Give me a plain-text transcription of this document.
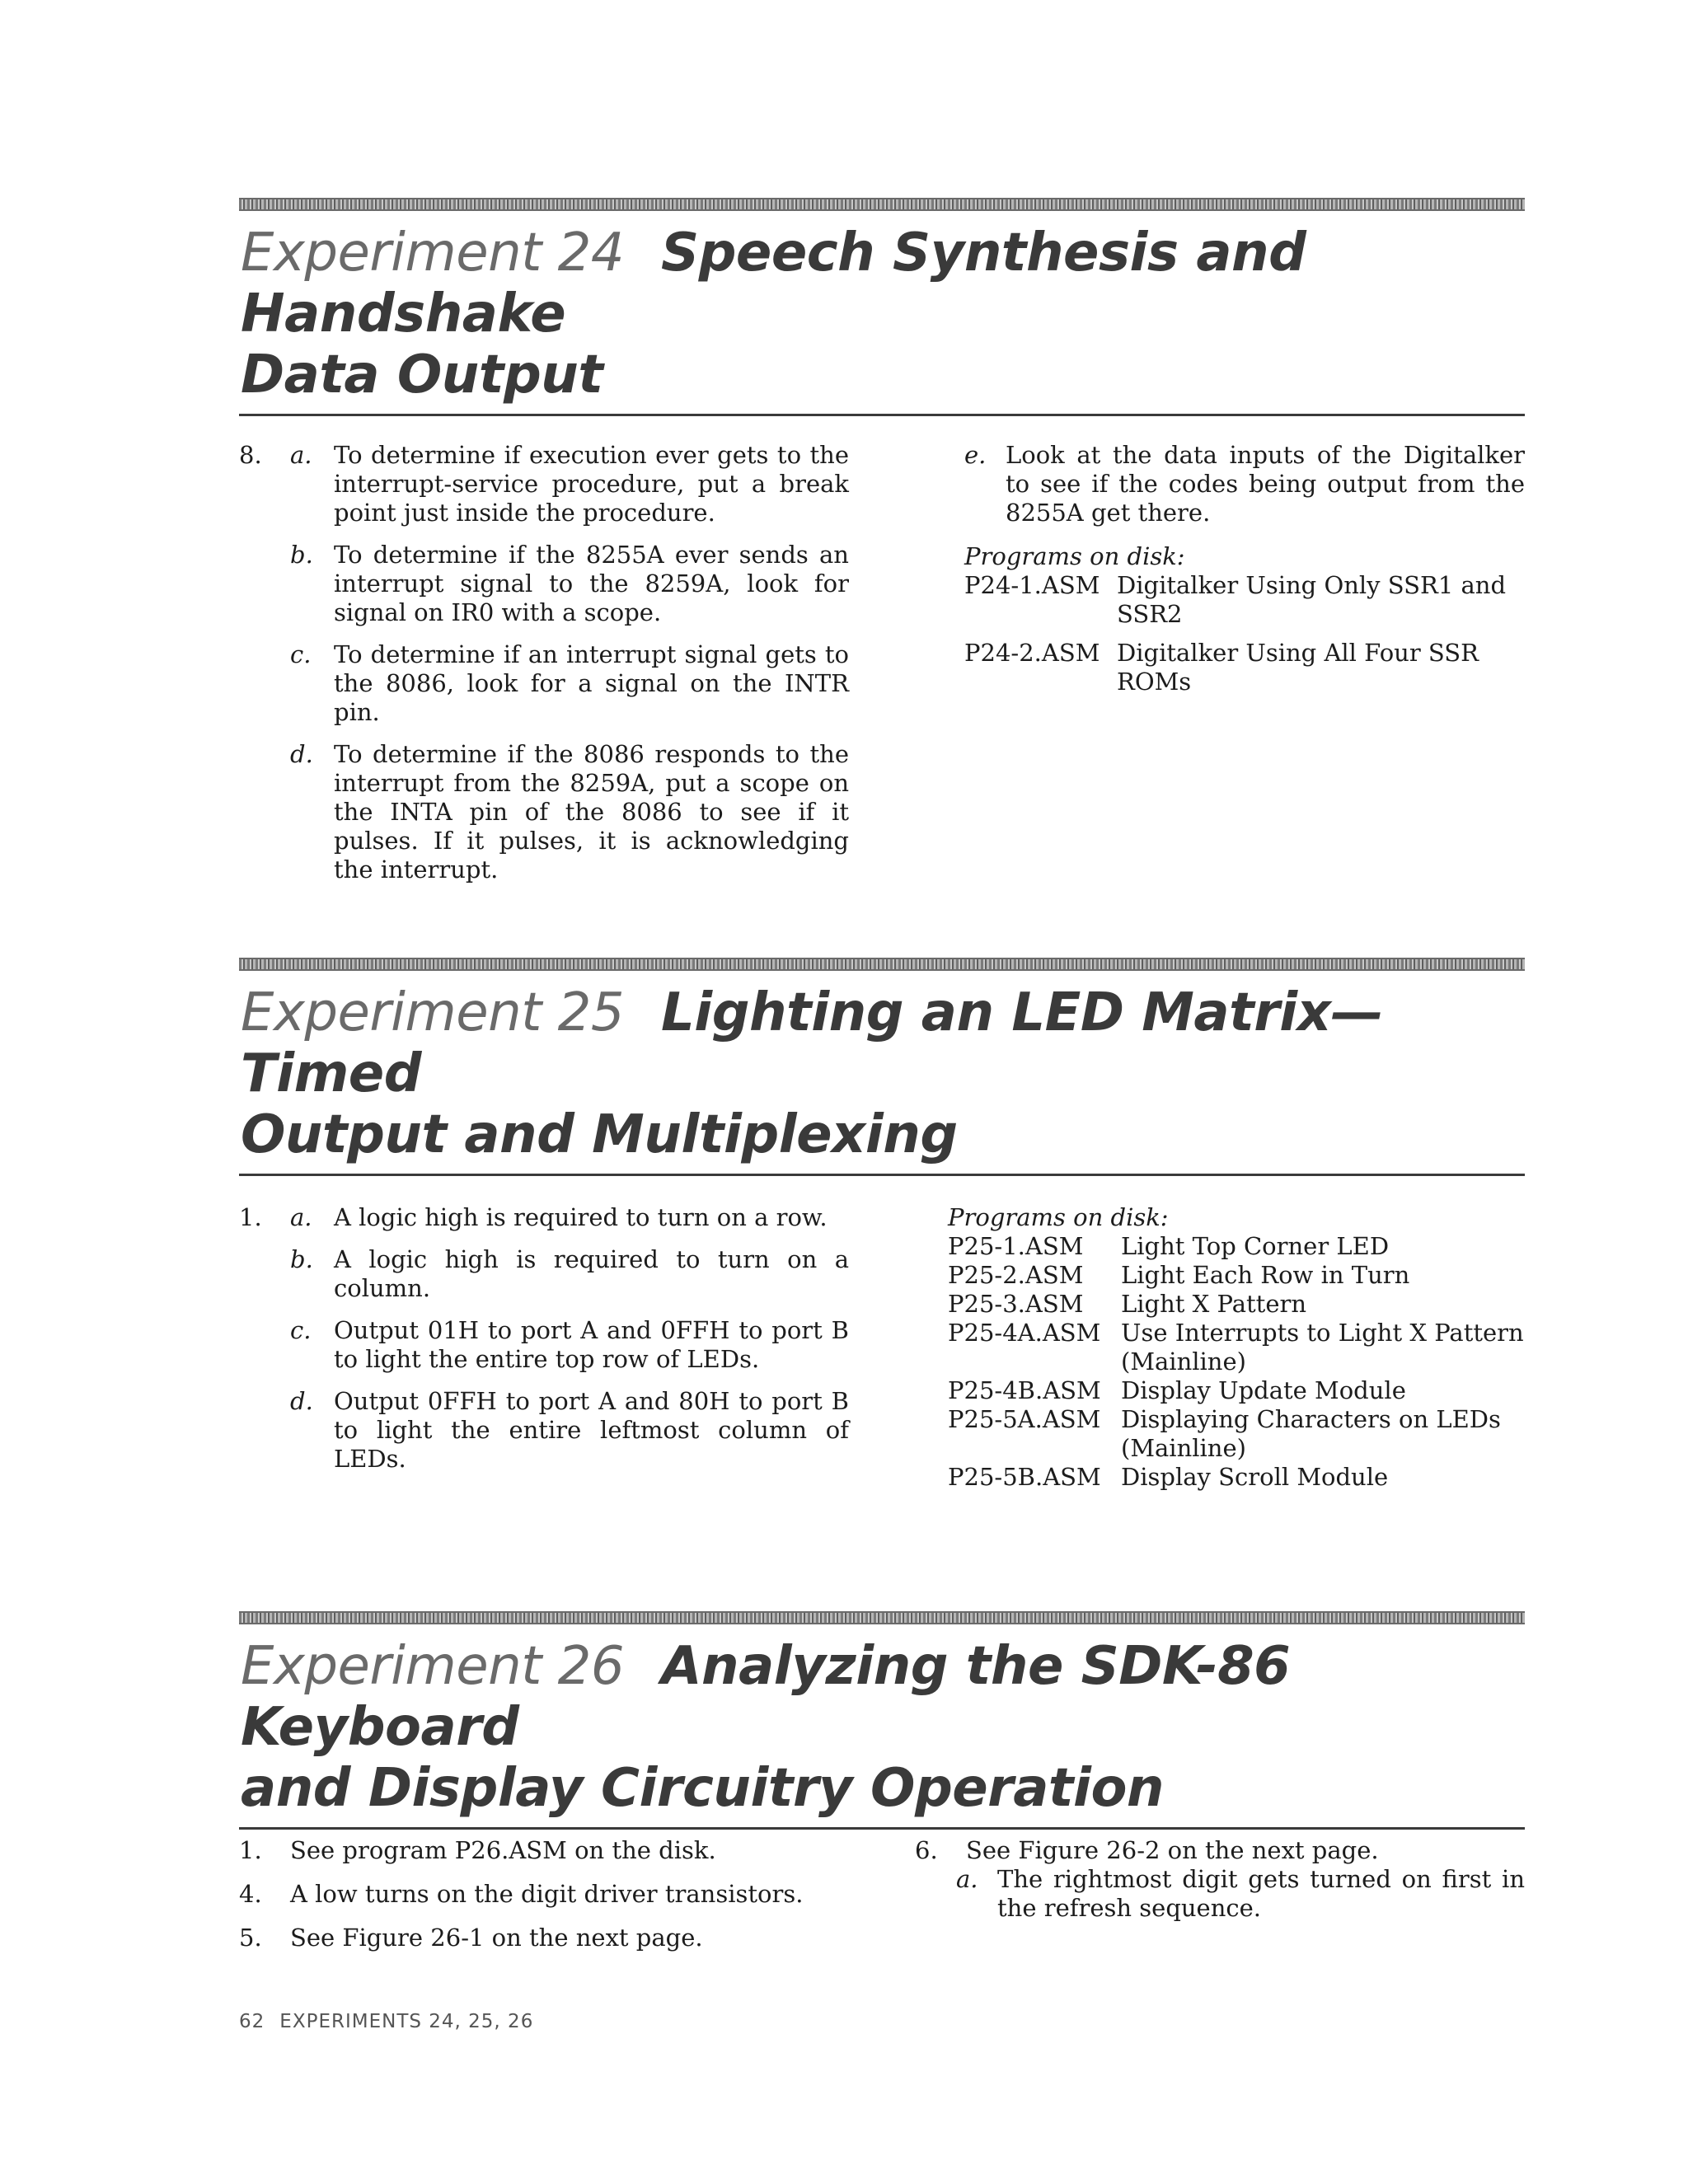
Experiment 24 Speech Synthesis and Handshake
Data Output
8. a. To determine if execution ever gets to the interrupt-service procedure, put a break point just inside the procedure.
b. To determine if the 8255A ever sends an interrupt signal to the 8259A, look for signal on IR0 with a scope.
c. To determine if an interrupt signal gets to the 8086, look for a signal on the INTR pin.
d. To determine if the 8086 responds to the interrupt from the 8259A, put a scope on the INTA pin of the 8086 to see if it pulses. If it pulses, it is acknowledging the interrupt.
e. Look at the data inputs of the Digitalker to see if the codes being output from the 8255A get there.
Programs on disk:
P24-1.ASM Digitalker Using Only SSR1 and SSR2
P24-2.ASM Digitalker Using All Four SSR ROMs
Experiment 25 Lighting an LED Matrix—Timed
Output and Multiplexing
1. a. A logic high is required to turn on a row.
b. A logic high is required to turn on a column.
c. Output 01H to port A and 0FFH to port B to light the entire top row of LEDs.
d. Output 0FFH to port A and 80H to port B to light the entire leftmost column of LEDs.
Programs on disk:
P25-1.ASM	Light Top Corner LED
P25-2.ASM	Light Each Row in Turn
P25-3.ASM	Light X Pattern
P25-4A.ASM Use Interrupts to Light X Pattern (Mainline)
P25-4B.ASM Display Update Module
P25-5A.ASM Displaying Characters on LEDs (Mainline)
P25-5B.ASM Display Scroll Module
Experiment 26 Analyzing the SDK-86 Keyboard
and Display Circuitry Operation
1.	See program P26.ASM on the disk.
4.	A low turns on the digit driver transistors.
5.	See Figure 26-1 on the next page.
6.	See Figure 26-2 on the next page.
a. The rightmost digit gets turned on first in the refresh sequence.
62 EXPERIMENTS 24, 25, 26
